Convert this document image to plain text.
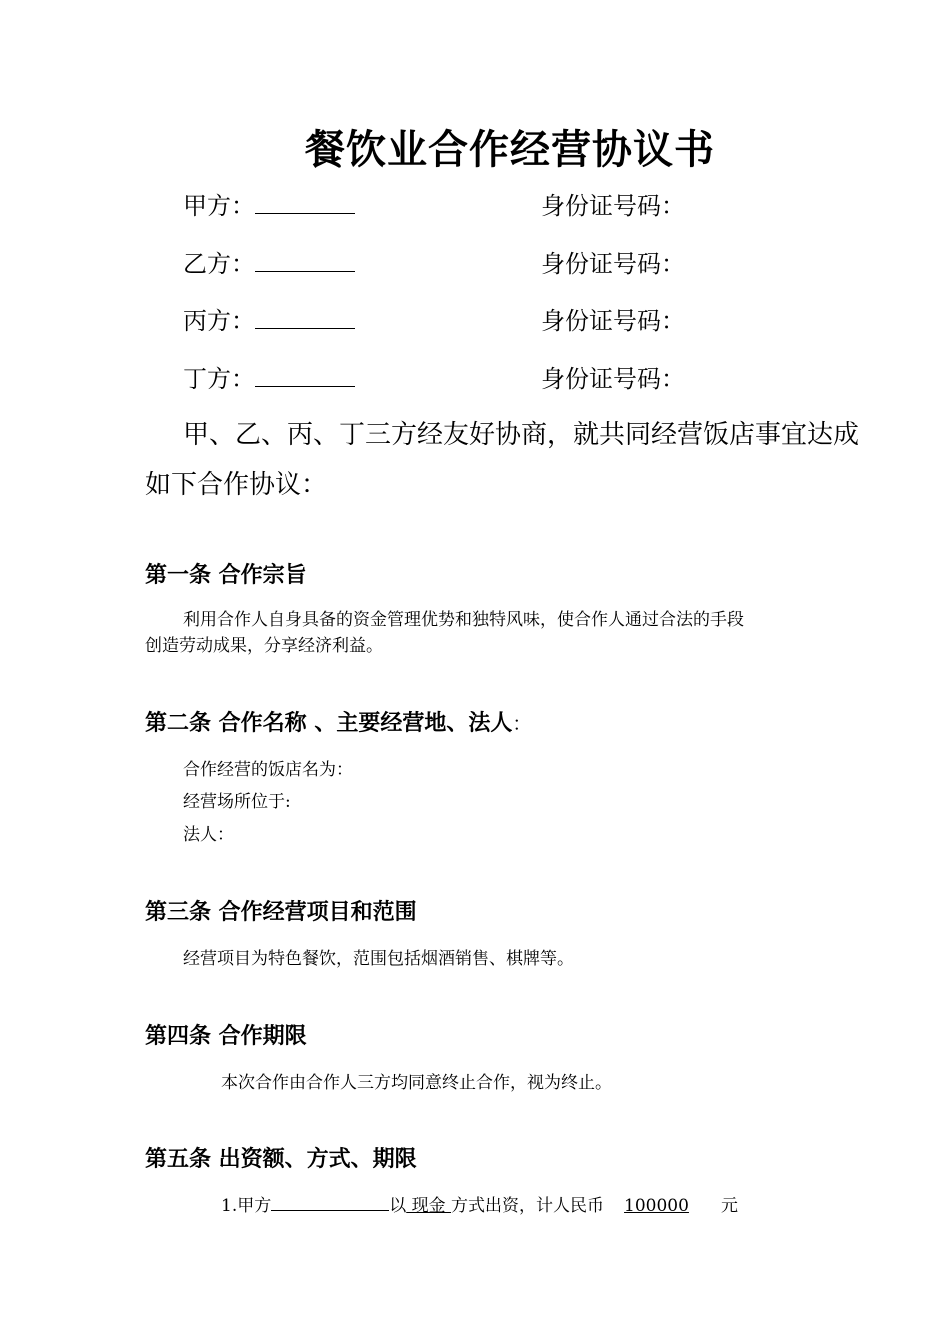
餐饮业合作经营协议书
甲方：	身份证号码：
乙方：	身份证号码：
丙方：	身份证号码：
丁方：	身份证号码：
甲、乙、丙、丁三方经友好协商，就共同经营饭店事宜达成
如下合作协议：
第一条 合作宗旨
利用合作人自身具备的资金管理优势和独特风味，使合作人通过合法的手段
创造劳动成果，分享经济利益。
第二条 合作名称 、主要经营地、法人：
合作经营的饭店名为：
经营场所位于:
法人：
第三条 合作经营项目和范围
经营项目为特色餐饮，范围包括烟酒销售、棋牌等。
第四条 合作期限
本次合作由合作人三方均同意终止合作，视为终止。
第五条 出资额、方式、期限
1.甲方	以 现金 方式出资，计人民币 100000 元
